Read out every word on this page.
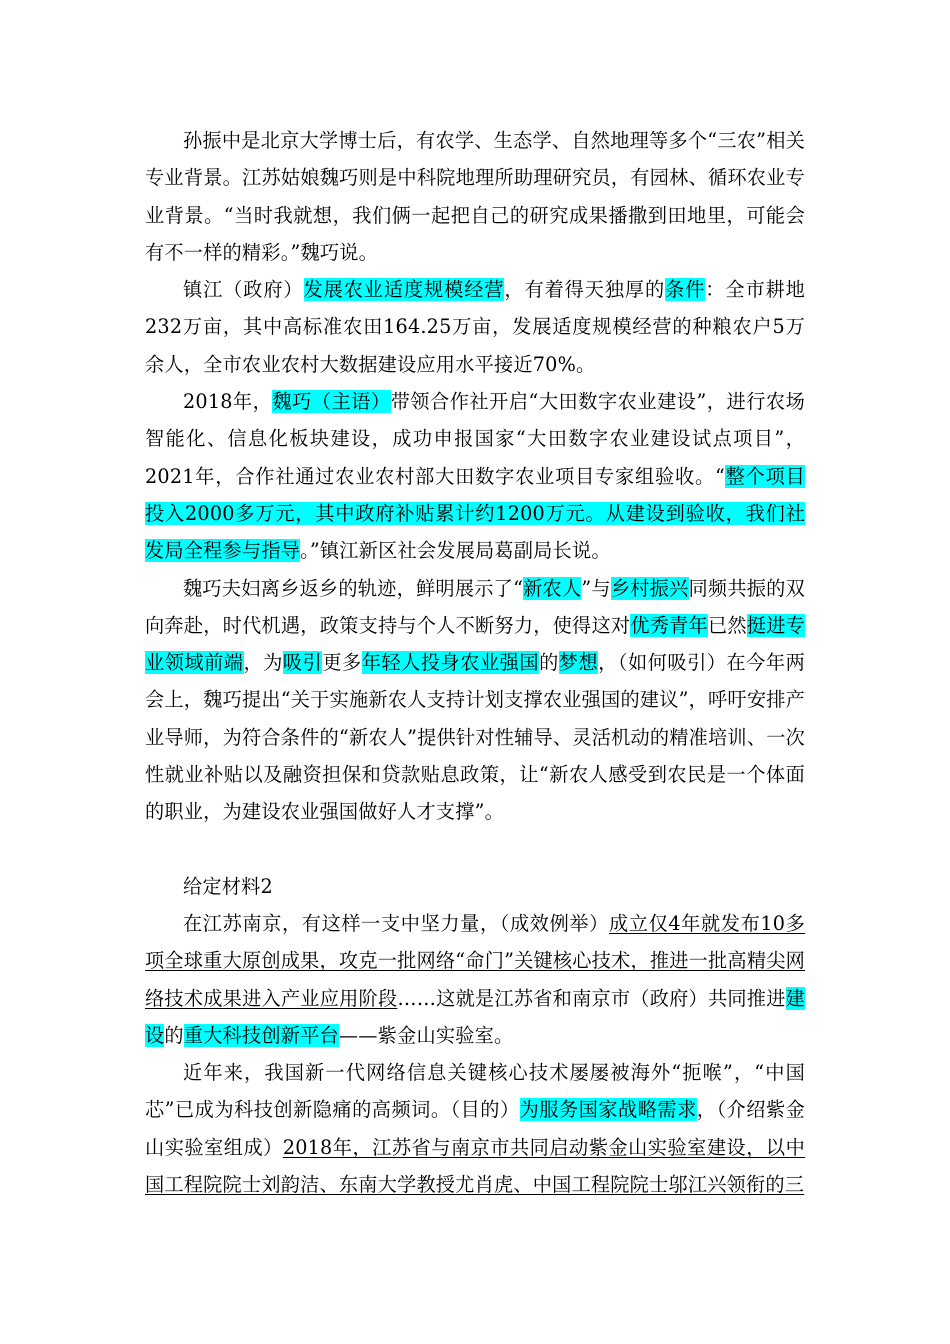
孙振中是北京大学博士后，有农学、生态学、自然地理等多个“三农”相关专业背景。江苏姑娘魏巧则是中科院地理所助理研究员，有园林、循环农业专业背景。“当时我就想，我们俩一起把自己的研究成果播撒到田地里，可能会有不一样的精彩。”魏巧说。

镇江（政府）发展农业适度规模经营，有着得天独厚的条件：全市耕地232万亩，其中高标准农田164.25万亩，发展适度规模经营的种粮农户5万余人，全市农业农村大数据建设应用水平接近70%。

2018年，魏巧（主语）带领合作社开启“大田数字农业建设”，进行农场智能化、信息化板块建设，成功申报国家“大田数字农业建设试点项目”，2021年，合作社通过农业农村部大田数字农业项目专家组验收。“整个项目投入2000多万元，其中政府补贴累计约1200万元。从建设到验收，我们社发局全程参与指导。”镇江新区社会发展局葛副局长说。

魏巧夫妇离乡返乡的轨迹，鲜明展示了“新农人”与乡村振兴同频共振的双向奔赴，时代机遇，政策支持与个人不断努力，使得这对优秀青年已然挺进专业领域前端，为吸引更多年轻人投身农业强国的梦想，（如何吸引）在今年两会上，魏巧提出“关于实施新农人支持计划支撑农业强国的建议”，呼吁安排产业导师，为符合条件的“新农人”提供针对性辅导、灵活机动的精准培训、一次性就业补贴以及融资担保和贷款贴息政策，让“新农人感受到农民是一个体面的职业，为建设农业强国做好人才支撑”。

给定材料2

在江苏南京，有这样一支中坚力量，（成效例举）成立仅4年就发布10多项全球重大原创成果，攻克一批网络“命门”关键核心技术，推进一批高精尖网络技术成果进入产业应用阶段……这就是江苏省和南京市（政府）共同推进建设的重大科技创新平台——紫金山实验室。

近年来，我国新一代网络信息关键核心技术屡屡被海外“扼喉”，“中国芯”已成为科技创新隐痛的高频词。（目的）为服务国家战略需求，（介绍紫金山实验室组成）2018年，江苏省与南京市共同启动紫金山实验室建设，以中国工程院院士刘韵洁、东南大学教授尤肖虎、中国工程院院士邬江兴领衔的三
